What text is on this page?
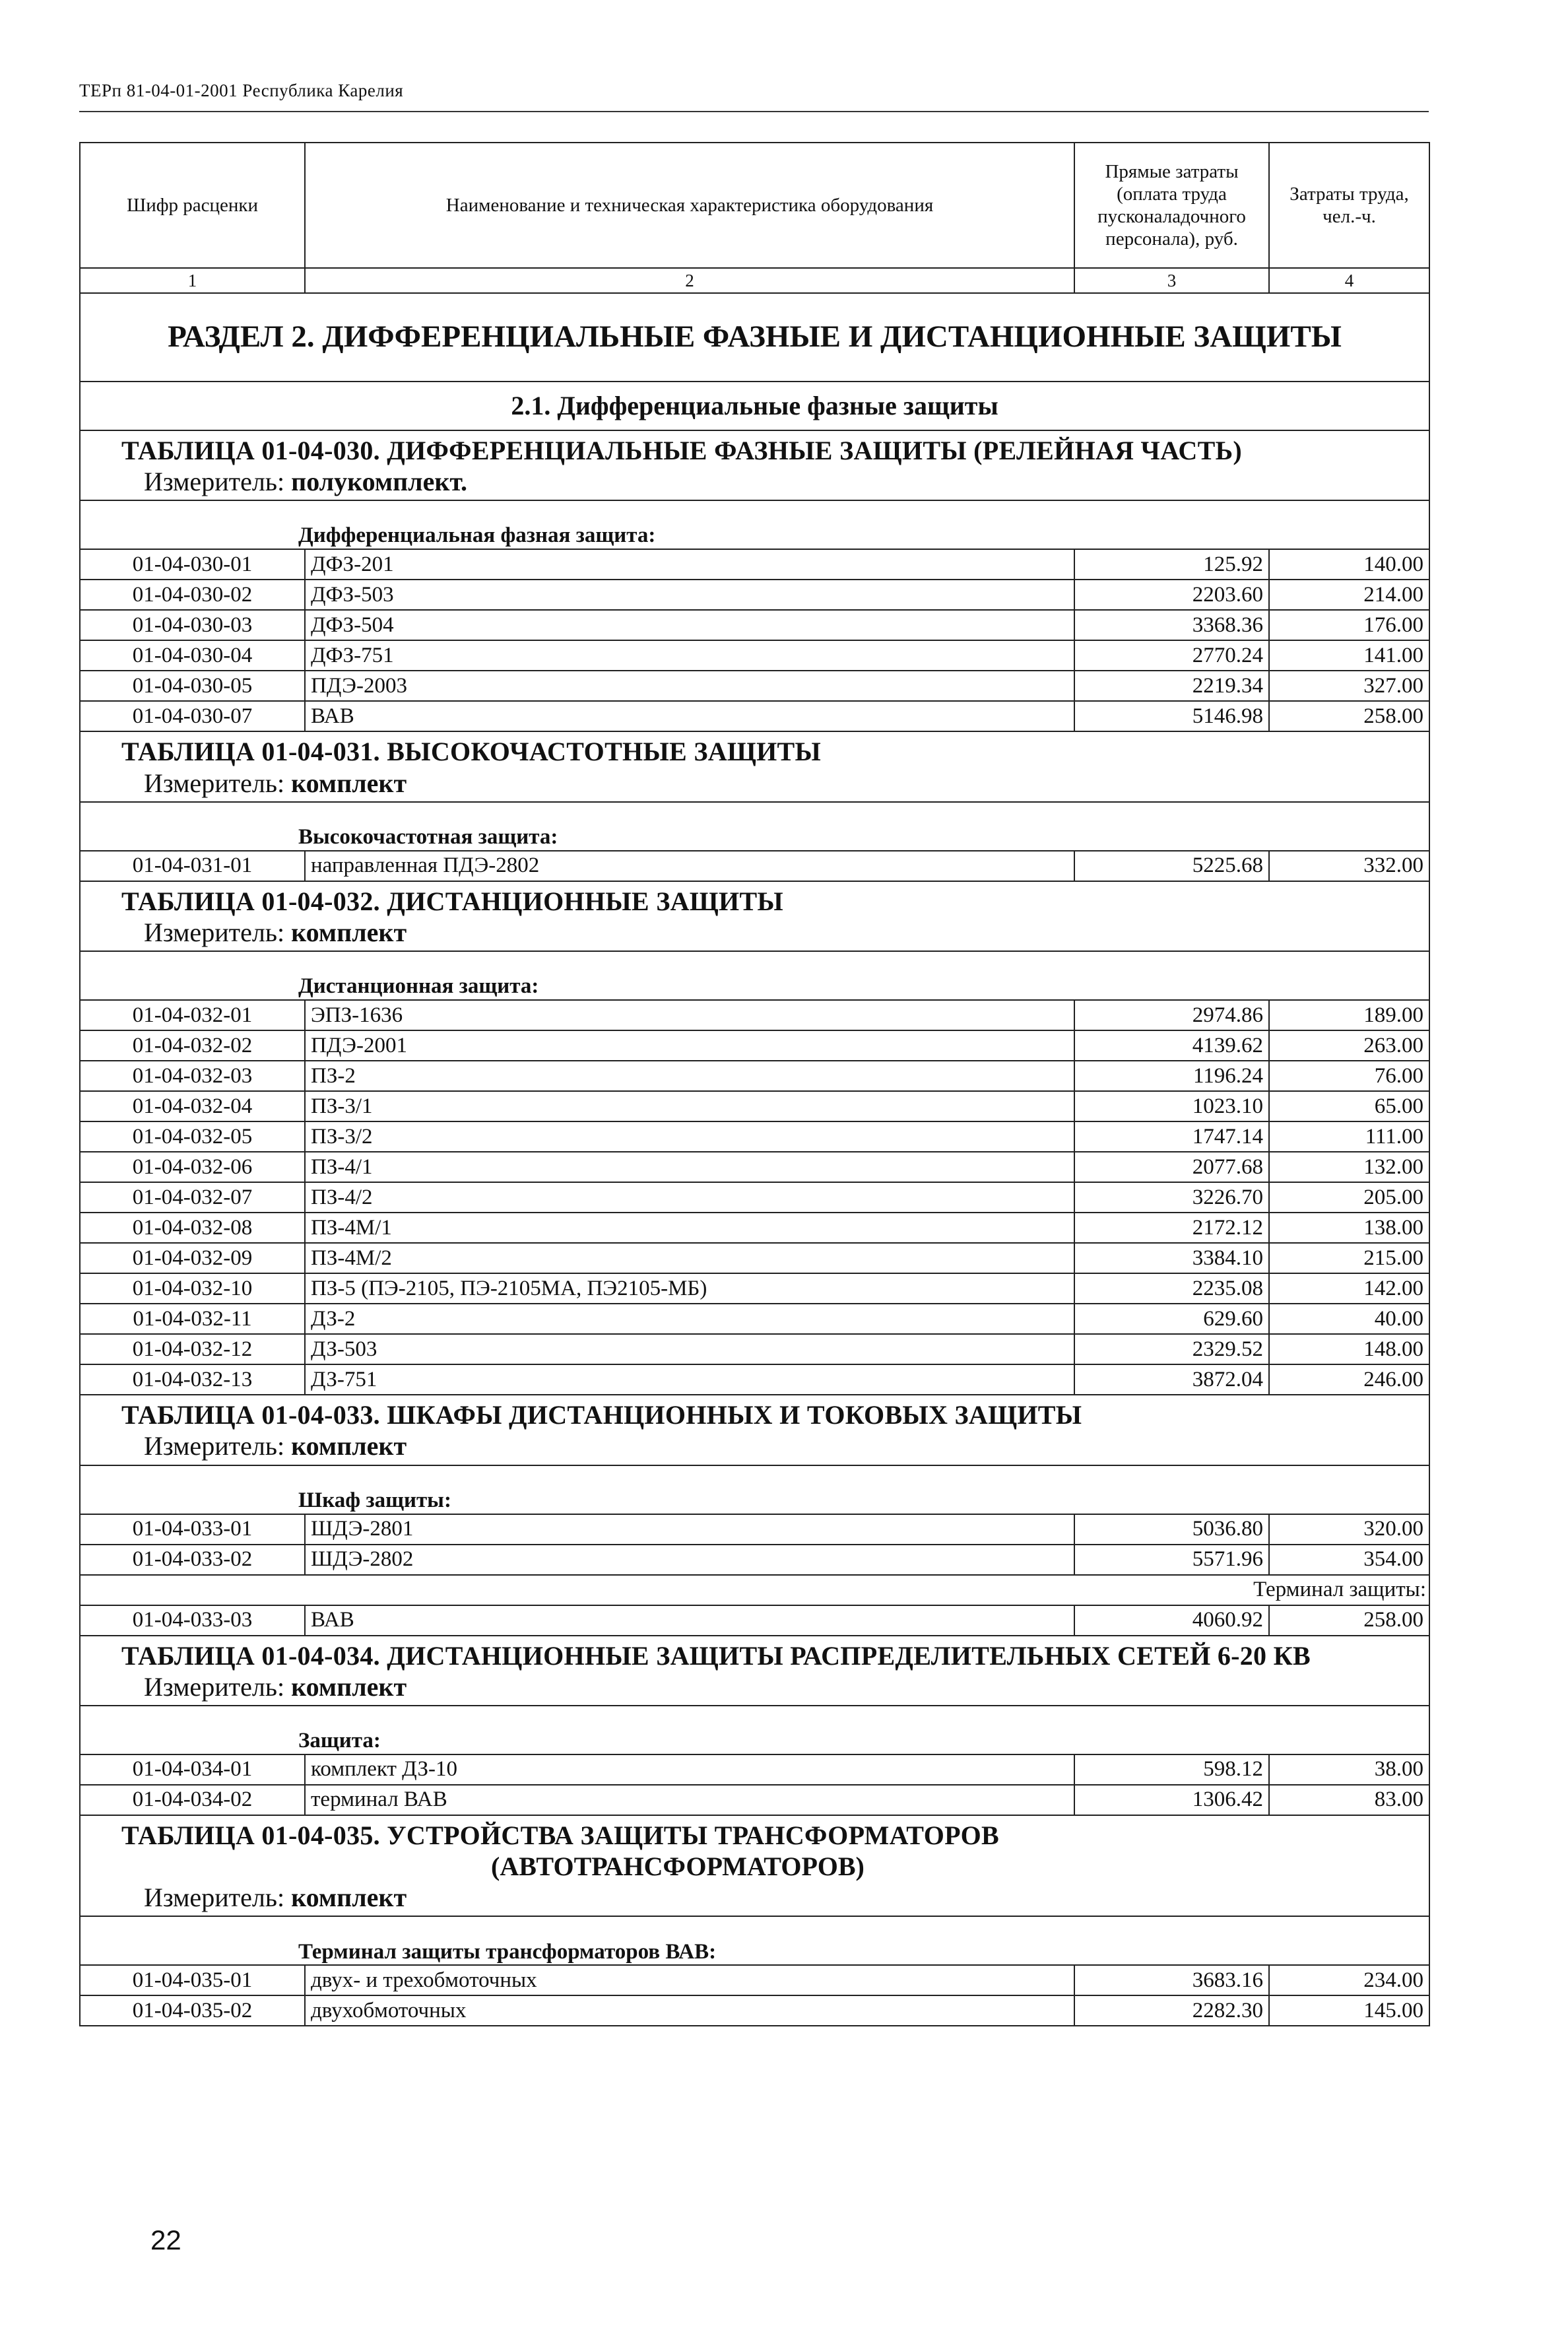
ТЕРп 81-04-01-2001 Республика Карелия
Шифр расценки	Наименование и техническая характеристика оборудования	Прямые затраты (оплата труда пусконаладочного персонала), руб.	Затраты труда, чел.-ч.
1	2	3	4
РАЗДЕЛ 2. ДИФФЕРЕНЦИАЛЬНЫЕ ФАЗНЫЕ И ДИСТАНЦИОННЫЕ ЗАЩИТЫ			
2.1. Дифференциальные фазные защиты			

ТАБЛИЦА 01-04-030. ДИФФЕРЕНЦИАЛЬНЫЕ ФАЗНЫЕ ЗАЩИТЫ (РЕЛЕЙНАЯ ЧАСТЬ)
Измеритель: полукомплект.			

Дифференциальная фазная защита:			
01-04-030-01	ДФЗ-201	125.92	140.00
01-04-030-02	ДФЗ-503	2203.60	214.00
01-04-030-03	ДФЗ-504	3368.36	176.00
01-04-030-04	ДФЗ-751	2770.24	141.00
01-04-030-05	ПДЭ-2003	2219.34	327.00
01-04-030-07	ВАВ	5146.98	258.00

ТАБЛИЦА 01-04-031. ВЫСОКОЧАСТОТНЫЕ ЗАЩИТЫ
Измеритель: комплект			

Высокочастотная защита:			
01-04-031-01	направленная ПДЭ-2802	5225.68	332.00

ТАБЛИЦА 01-04-032. ДИСТАНЦИОННЫЕ ЗАЩИТЫ
Измеритель: комплект			

Дистанционная защита:			
01-04-032-01	ЭПЗ-1636	2974.86	189.00
01-04-032-02	ПДЭ-2001	4139.62	263.00
01-04-032-03	ПЗ-2	1196.24	76.00
01-04-032-04	ПЗ-3/1	1023.10	65.00
01-04-032-05	ПЗ-3/2	1747.14	111.00
01-04-032-06	ПЗ-4/1	2077.68	132.00
01-04-032-07	ПЗ-4/2	3226.70	205.00
01-04-032-08	ПЗ-4М/1	2172.12	138.00
01-04-032-09	ПЗ-4М/2	3384.10	215.00
01-04-032-10	ПЗ-5 (ПЭ-2105, ПЭ-2105МА, ПЭ2105-МБ)	2235.08	142.00
01-04-032-11	ДЗ-2	629.60	40.00
01-04-032-12	ДЗ-503	2329.52	148.00
01-04-032-13	ДЗ-751	3872.04	246.00

ТАБЛИЦА 01-04-033. ШКАФЫ ДИСТАНЦИОННЫХ И ТОКОВЫХ ЗАЩИТЫ
Измеритель: комплект			

Шкаф защиты:			
01-04-033-01	ШДЭ-2801	5036.80	320.00
01-04-033-02	ШДЭ-2802	5571.96	354.00
Терминал защиты:			
01-04-033-03	ВАВ	4060.92	258.00

ТАБЛИЦА 01-04-034. ДИСТАНЦИОННЫЕ ЗАЩИТЫ РАСПРЕДЕЛИТЕЛЬНЫХ СЕТЕЙ 6-20 КВ
Измеритель: комплект			

Защита:			
01-04-034-01	комплект ДЗ-10	598.12	38.00
01-04-034-02	терминал ВАВ	1306.42	83.00

ТАБЛИЦА 01-04-035. УСТРОЙСТВА ЗАЩИТЫ ТРАНСФОРМАТОРОВ
(АВТОТРАНСФОРМАТОРОВ)
Измеритель: комплект			

Терминал защиты трансформаторов ВАВ:			
01-04-035-01	двух- и трехобмоточных	3683.16	234.00
01-04-035-02	двухобмоточных	2282.30	145.00
22
